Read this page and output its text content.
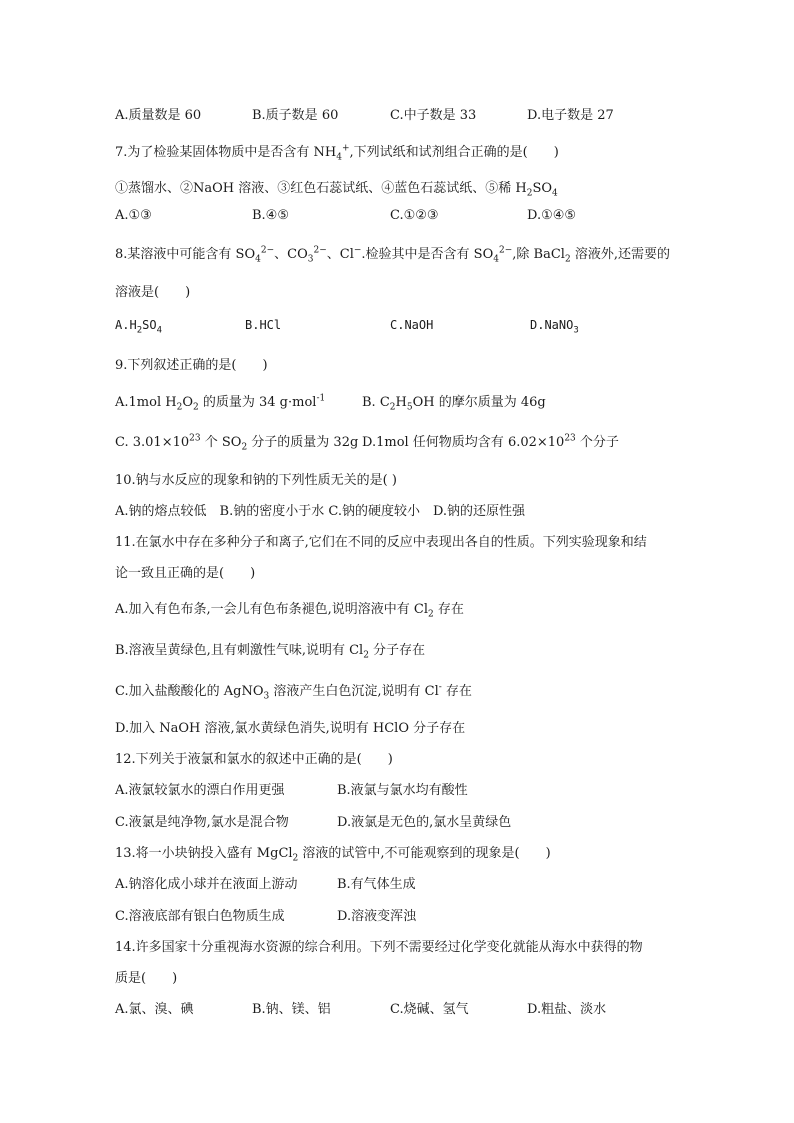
A.质量数是 60	B.质子数是 60	C.中子数是 33	D.电子数是 27
7.为了检验某固体物质中是否含有 $NH_4^+$,下列试纸和试剂组合正确的是(　　)
①蒸馏水、②NaOH 溶液、③红色石蕊试纸、④蓝色石蕊试纸、⑤稀 $H_2SO_4$
A.①③	B.④⑤	C.①②③	D.①④⑤
8.某溶液中可能含有 $SO_4^{2-}$、$CO_3^{2-}$、Cl−.检验其中是否含有 $SO_4^{2-}$,除 BaCl$_2$ 溶液外,还需要的
溶液是(　　)
$A.H_2SO_4$	B.HCl	C.NaOH	D.NaNO$_3$
9.下列叙述正确的是(　　)
A.1mol $H_2O_2$ 的质量为 34 g·mol$^{-1}$	B. $C_2H_5OH$ 的摩尔质量为 46g
C. $3.01\times 10^{23}$ 个 $SO_2$ 分子的质量为 32g D.1mol 任何物质均含有 $6.02\times 10^{23}$ 个分子
10.钠与水反应的现象和钠的下列性质无关的是( )
A.钠的熔点较低　B.钠的密度小于水 C.钠的硬度较小　D.钠的还原性强
11.在氯水中存在多种分子和离子,它们在不同的反应中表现出各自的性质。下列实验现象和结
论一致且正确的是(　　)
A.加入有色布条,一会儿有色布条褪色,说明溶液中有 $Cl_2$ 存在
B.溶液呈黄绿色,且有刺激性气味,说明有 $Cl_2$ 分子存在
C.加入盐酸酸化的 AgNO$_3$ 溶液产生白色沉淀,说明有 Cl- 存在
D.加入 NaOH 溶液,氯水黄绿色消失,说明有 HClO 分子存在
12.下列关于液氯和氯水的叙述中正确的是(　　)
A.液氯较氯水的漂白作用更强	B.液氯与氯水均有酸性
C.液氯是纯净物,氯水是混合物	D.液氯是无色的,氯水呈黄绿色
13.将一小块钠投入盛有 MgCl$_2$ 溶液的试管中,不可能观察到的现象是(　　)
A.钠溶化成小球并在液面上游动	B.有气体生成
C.溶液底部有银白色物质生成	D.溶液变浑浊
14.许多国家十分重视海水资源的综合利用。下列不需要经过化学变化就能从海水中获得的物
质是(　　)
A.氯、溴、碘	B.钠、镁、铝	C.烧碱、氢气	D.粗盐、淡水
